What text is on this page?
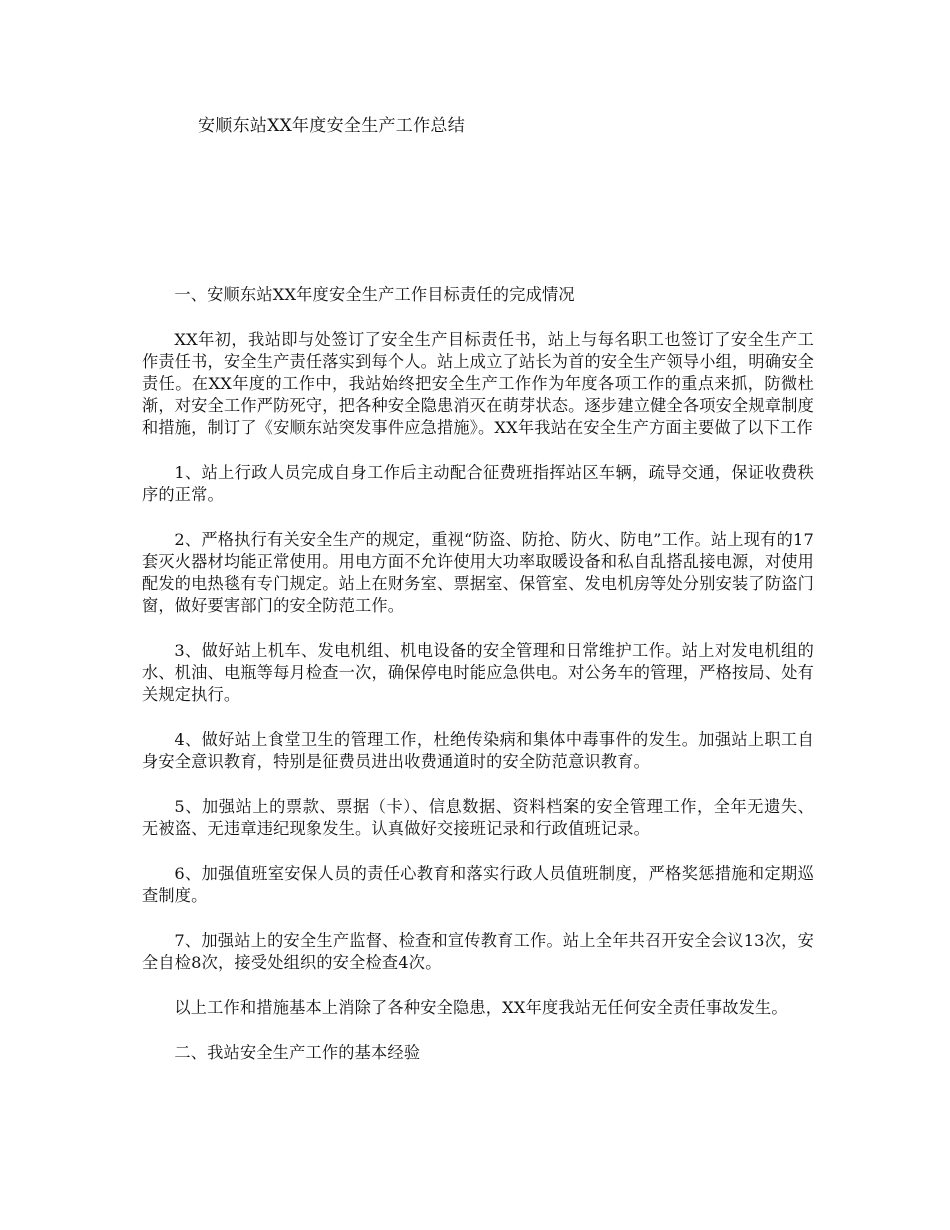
安顺东站XX年度安全生产工作总结

一、安顺东站XX年度安全生产工作目标责任的完成情况

XX年初，我站即与处签订了安全生产目标责任书，站上与每名职工也签订了安全生产工作责任书，安全生产责任落实到每个人。站上成立了站长为首的安全生产领导小组，明确安全责任。在XX年度的工作中，我站始终把安全生产工作作为年度各项工作的重点来抓，防微杜渐，对安全工作严防死守，把各种安全隐患消灭在萌芽状态。逐步建立健全各项安全规章制度和措施，制订了《安顺东站突发事件应急措施》。XX年我站在安全生产方面主要做了以下工作

1、站上行政人员完成自身工作后主动配合征费班指挥站区车辆，疏导交通，保证收费秩序的正常。

2、严格执行有关安全生产的规定，重视“防盗、防抢、防火、防电”工作。站上现有的17套灭火器材均能正常使用。用电方面不允许使用大功率取暖设备和私自乱搭乱接电源，对使用配发的电热毯有专门规定。站上在财务室、票据室、保管室、发电机房等处分别安装了防盗门窗，做好要害部门的安全防范工作。

3、做好站上机车、发电机组、机电设备的安全管理和日常维护工作。站上对发电机组的水、机油、电瓶等每月检查一次，确保停电时能应急供电。对公务车的管理，严格按局、处有关规定执行。

4、做好站上食堂卫生的管理工作，杜绝传染病和集体中毒事件的发生。加强站上职工自身安全意识教育，特别是征费员进出收费通道时的安全防范意识教育。

5、加强站上的票款、票据（卡）、信息数据、资料档案的安全管理工作，全年无遗失、无被盗、无违章违纪现象发生。认真做好交接班记录和行政值班记录。

6、加强值班室安保人员的责任心教育和落实行政人员值班制度，严格奖惩措施和定期巡查制度。

7、加强站上的安全生产监督、检查和宣传教育工作。站上全年共召开安全会议13次，安全自检8次，接受处组织的安全检查4次。

以上工作和措施基本上消除了各种安全隐患，XX年度我站无任何安全责任事故发生。

二、我站安全生产工作的基本经验
